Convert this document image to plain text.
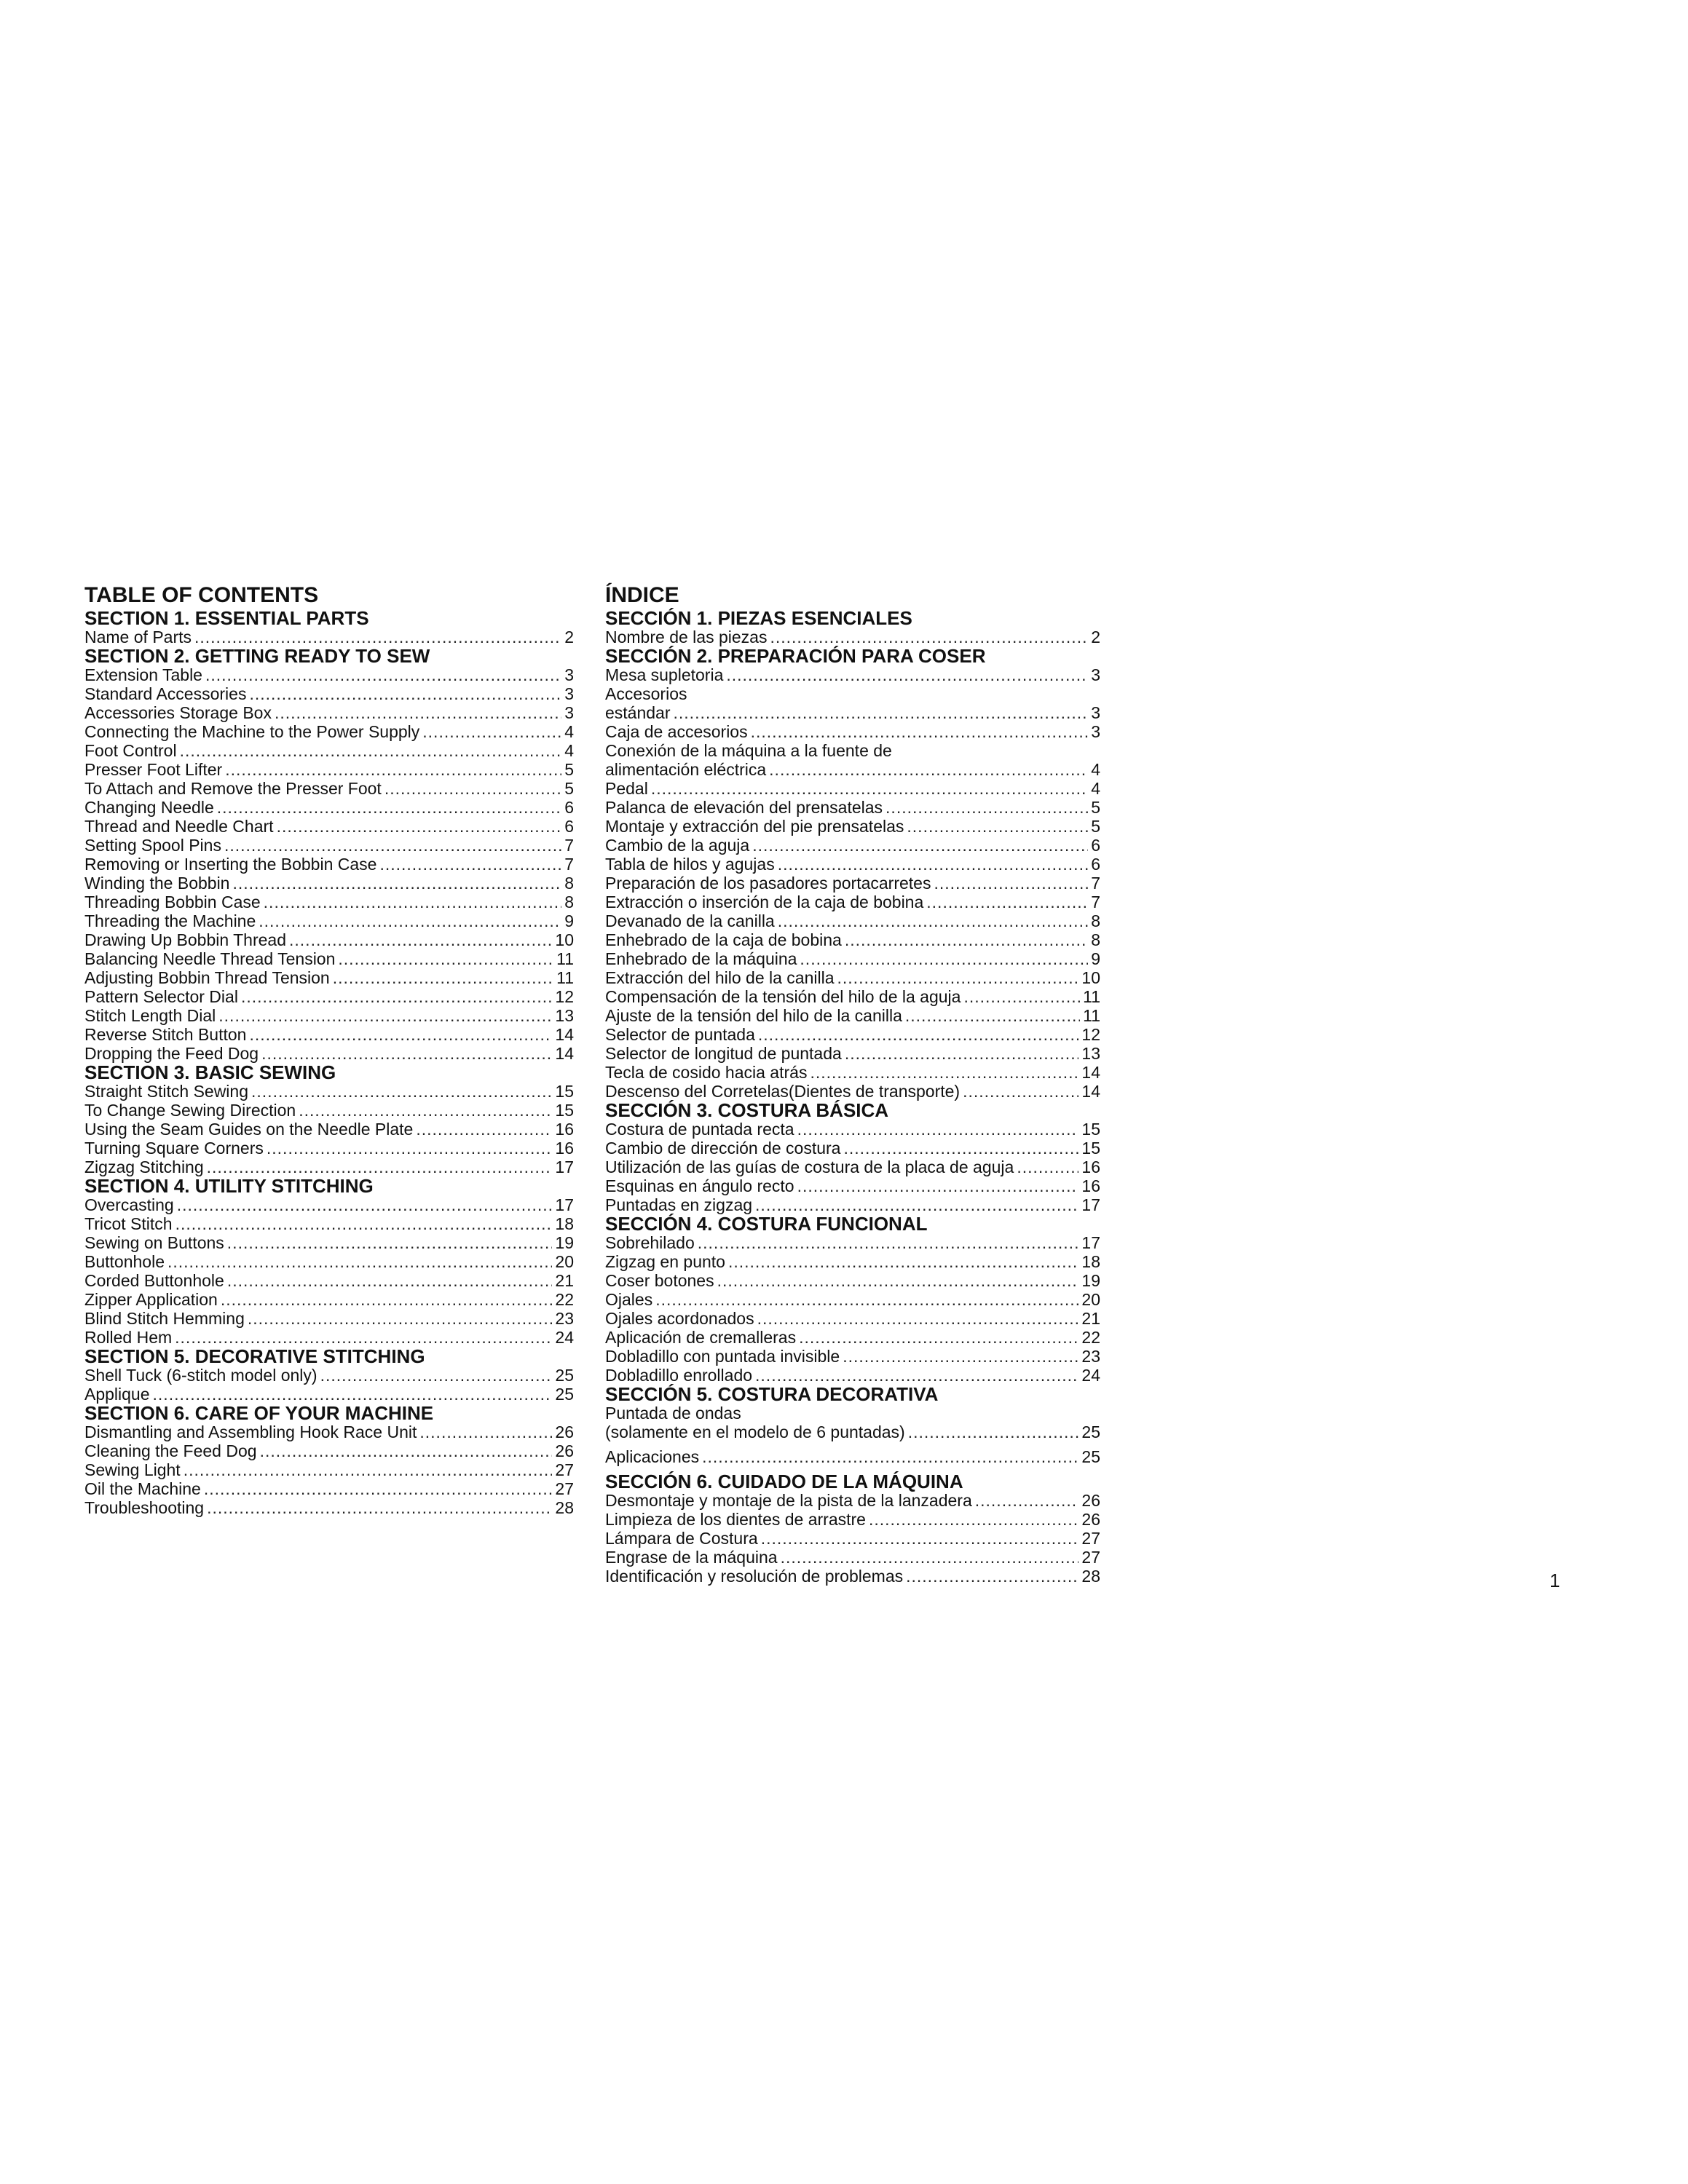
TABLE OF CONTENTS
SECTION 1. ESSENTIAL PARTS
Name of Parts .....	2
SECTION 2. GETTING READY TO SEW
Extension Table .....	3
Standard Accessories .....	3
Accessories Storage Box .....	3
Connecting the Machine to the Power Supply .....	4
Foot Control .....	4
Presser Foot Lifter .....	5
To Attach and Remove the Presser Foot .....	5
Changing Needle .....	6
Thread and Needle Chart .....	6
Setting Spool Pins .....	7
Removing or Inserting the Bobbin Case .....	7
Winding the Bobbin .....	8
Threading Bobbin Case .....	8
Threading the Machine .....	9
Drawing Up Bobbin Thread .....	10
Balancing Needle Thread Tension .....	11
Adjusting Bobbin Thread Tension .....	11
Pattern Selector Dial .....	12
Stitch Length Dial .....	13
Reverse Stitch Button .....	14
Dropping the Feed Dog .....	14
SECTION 3. BASIC SEWING
Straight Stitch Sewing .....	15
To Change Sewing Direction .....	15
Using the Seam Guides on the Needle Plate .....	16
Turning Square Corners .....	16
Zigzag Stitching .....	17
SECTION 4. UTILITY STITCHING
Overcasting .....	17
Tricot Stitch .....	18
Sewing on Buttons .....	19
Buttonhole .....	20
Corded Buttonhole .....	21
Zipper Application .....	22
Blind Stitch Hemming .....	23
Rolled Hem .....	24
SECTION 5. DECORATIVE STITCHING
Shell Tuck (6-stitch model only) .....	25
Applique .....	25
SECTION 6. CARE OF YOUR MACHINE
Dismantling and Assembling Hook Race Unit .....	26
Cleaning the Feed Dog .....	26
Sewing Light .....	27
Oil the Machine .....	27
Troubleshooting .....	28
ÍNDICE
SECCIÓN 1. PIEZAS ESENCIALES
Nombre de las piezas .....	2
SECCIÓN 2. PREPARACIÓN PARA COSER
Mesa supletoria .....	3
Accesorios
estándar .....	3
Caja de accesorios .....	3
Conexión de la máquina a la fuente de
alimentación eléctrica .....	4
Pedal .....	4
Palanca de elevación del prensatelas .....	5
Montaje y extracción del pie prensatelas .....	5
Cambio de la aguja .....	6
Tabla de hilos y agujas .....	6
Preparación de los pasadores portacarretes .....	7
Extracción o inserción de la caja de bobina .....	7
Devanado de la canilla .....	8
Enhebrado de la caja de bobina .....	8
Enhebrado de la máquina .....	9
Extracción del hilo de la canilla .....	10
Compensación de la tensión del hilo de la aguja .....	11
Ajuste de la tensión del hilo de la canilla .....	11
Selector de puntada .....	12
Selector de longitud de puntada .....	13
Tecla de cosido hacia atrás .....	14
Descenso del Corretelas(Dientes de transporte) .....	14
SECCIÓN 3. COSTURA BÁSICA
Costura de puntada recta .....	15
Cambio de dirección de costura .....	15
Utilización de las guías de costura de la placa de aguja .....	16
Esquinas en ángulo recto .....	16
Puntadas en zigzag .....	17
SECCIÓN 4. COSTURA FUNCIONAL
Sobrehilado .....	17
Zigzag en punto .....	18
Coser botones .....	19
Ojales .....	20
Ojales acordonados .....	21
Aplicación de cremalleras .....	22
Dobladillo con puntada invisible .....	23
Dobladillo enrollado .....	24
SECCIÓN 5. COSTURA DECORATIVA
Puntada de ondas
(solamente en el modelo de 6 puntadas) .....	25
Aplicaciones .....	25
SECCIÓN 6. CUIDADO DE LA MÁQUINA
Desmontaje y montaje de la pista de la lanzadera .....	26
Limpieza de los dientes de arrastre .....	26
Lámpara de Costura .....	27
Engrase de la máquina .....	27
Identificación y resolución de problemas .....	28	1
